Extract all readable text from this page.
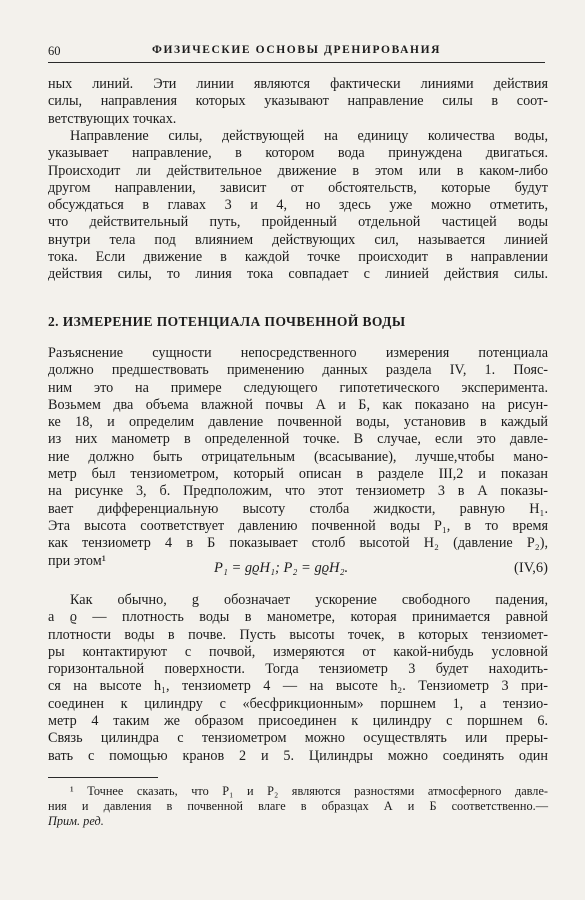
60	ФИЗИЧЕСКИЕ ОСНОВЫ ДРЕНИРОВАНИЯ
ных линий. Эти линии являются фактически линиями действия
силы, направления которых указывают направление силы в соот-
ветствующих точках.
Направление силы, действующей на единицу количества воды,
указывает направление, в котором вода принуждена двигаться.
Происходит ли действительное движение в этом или в каком-либо
другом направлении, зависит от обстоятельств, которые будут
обсуждаться в главах 3 и 4, но здесь уже можно отметить,
что действительный путь, пройденный отдельной частицей воды
внутри тела под влиянием действующих сил, называется линией
тока. Если движение в каждой точке происходит в направлении
действия силы, то линия тока совпадает с линией действия силы.
2. ИЗМЕРЕНИЕ ПОТЕНЦИАЛА ПОЧВЕННОЙ ВОДЫ
Разъяснение сущности непосредственного измерения потенциала
должно предшествовать применению данных раздела IV, 1. Пояс-
ним это на примере следующего гипотетического эксперимента.
Возьмем два объема влажной почвы А и Б, как показано на рисун-
ке 18, и определим давление почвенной воды, установив в каждый
из них манометр в определенной точке. В случае, если это давле-
ние должно быть отрицательным (всасывание), лучше,чтобы мано-
метр был тензиометром, который описан в разделе III,2 и показан
на рисунке 3, б. Предположим, что этот тензиометр 3 в А показы-
вает дифференциальную высоту столба жидкости, равную H₁.
Эта высота соответствует давлению почвенной воды P₁, в то время
как тензиометр 4 в Б показывает столб высотой H₂ (давление P₂),
при этом¹	P₁ = gϱH₁; P₂ = gϱH₂.	(IV,6)
Как обычно, g обозначает ускорение свободного падения,
а ϱ — плотность воды в манометре, которая принимается равной
плотности воды в почве. Пусть высоты точек, в которых тензиомет-
ры контактируют с почвой, измеряются от какой-нибудь условной
горизонтальной поверхности. Тогда тензиометр 3 будет находить-
ся на высоте h₁, тензиометр 4 — на высоте h₂. Тензиометр 3 при-
соединен к цилиндру с «бесфрикционным» поршнем 1, а тензио-
метр 4 таким же образом присоединен к цилиндру с поршнем 6.
Связь цилиндра с тензиометром можно осуществлять или преры-
вать с помощью кранов 2 и 5. Цилиндры можно соединять один
¹ Точнее сказать, что P₁ и P₂ являются разностями атмосферного давле-
ния и давления в почвенной влаге в образцах А и Б соответственно.—
Прим. ред.
